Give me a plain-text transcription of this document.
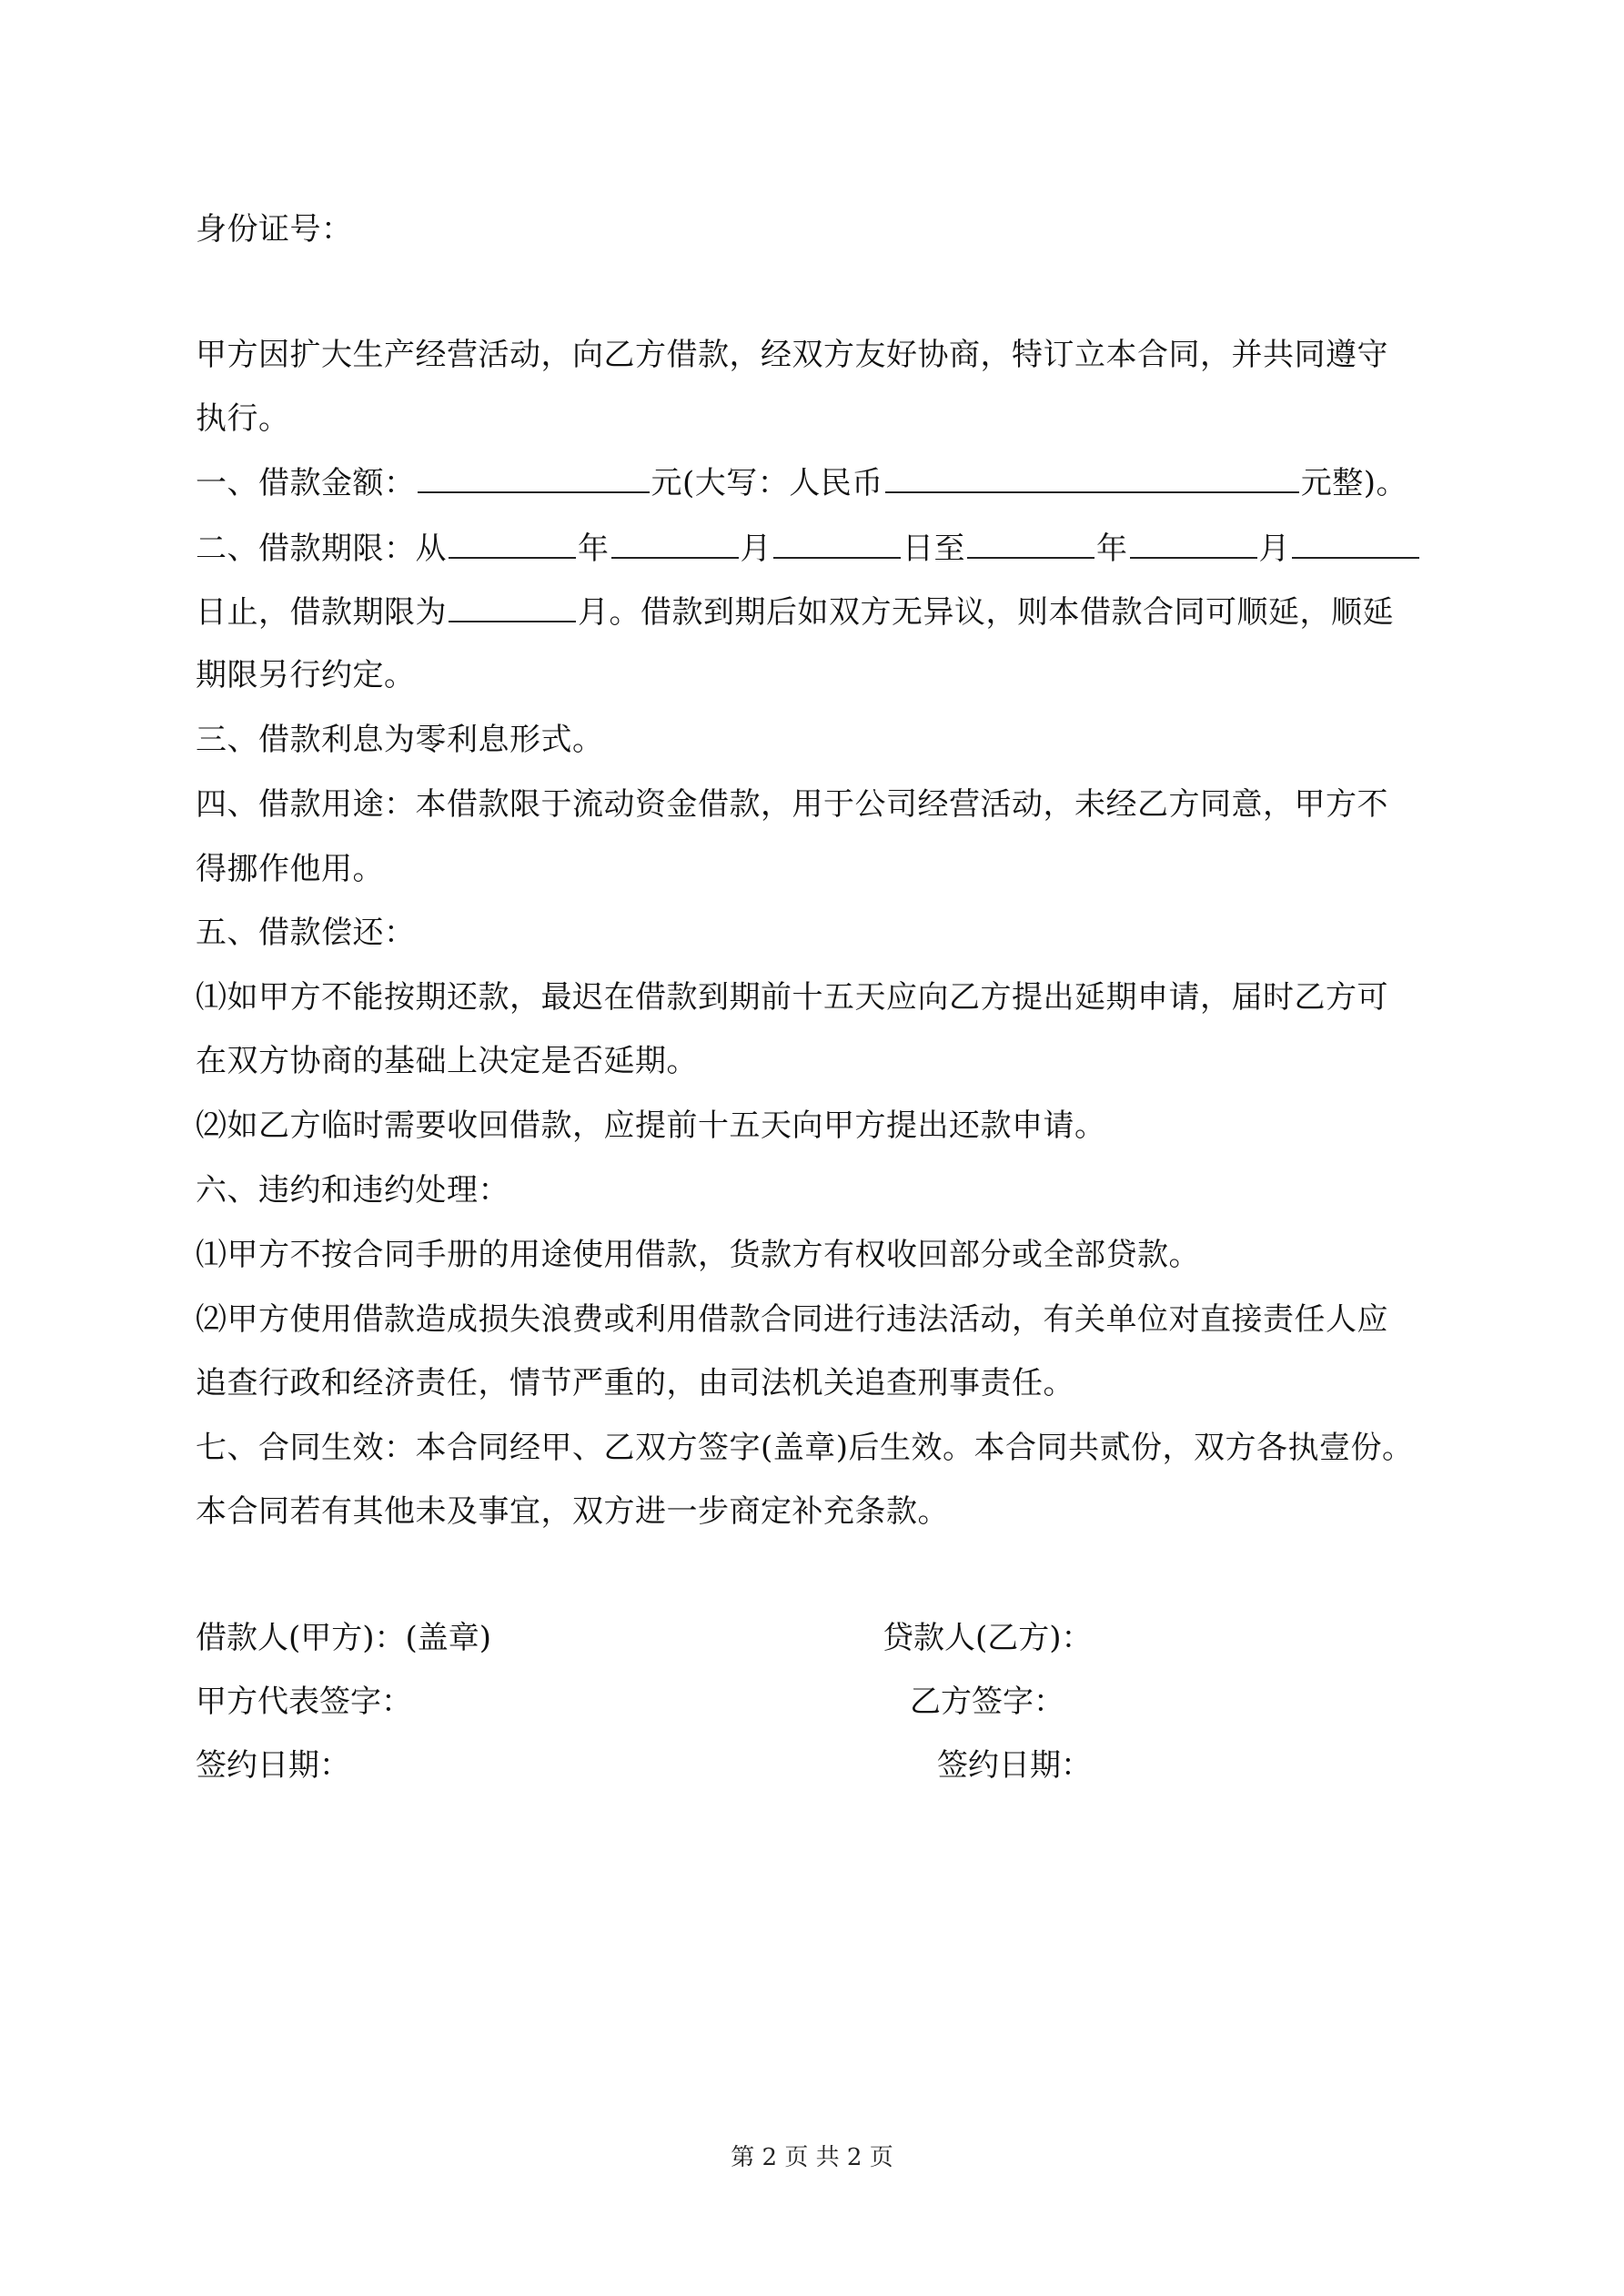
身份证号：
甲方因扩大生产经营活动，向乙方借款，经双方友好协商，特订立本合同，并共同遵守
执行。
一、借款金额：	元(大写：人民币	元整)。
二、借款期限：从	年	月	日至	年	月
日止，借款期限为	月。借款到期后如双方无异议，则本借款合同可顺延，顺延
期限另行约定。
三、借款利息为零利息形式。
四、借款用途：本借款限于流动资金借款，用于公司经营活动，未经乙方同意，甲方不
得挪作他用。
五、借款偿还：
⑴如甲方不能按期还款，最迟在借款到期前十五天应向乙方提出延期申请，届时乙方可
在双方协商的基础上决定是否延期。
⑵如乙方临时需要收回借款，应提前十五天向甲方提出还款申请。
六、违约和违约处理：
⑴甲方不按合同手册的用途使用借款，货款方有权收回部分或全部贷款。
⑵甲方使用借款造成损失浪费或利用借款合同进行违法活动，有关单位对直接责任人应
追查行政和经济责任，情节严重的，由司法机关追查刑事责任。
七、合同生效：本合同经甲、乙双方签字(盖章)后生效。本合同共贰份，双方各执壹份。
本合同若有其他未及事宜，双方进一步商定补充条款。
借款人(甲方)：(盖章)	贷款人(乙方)：
甲方代表签字：	乙方签字：
签约日期：	签约日期：
第 2 页 共 2 页
